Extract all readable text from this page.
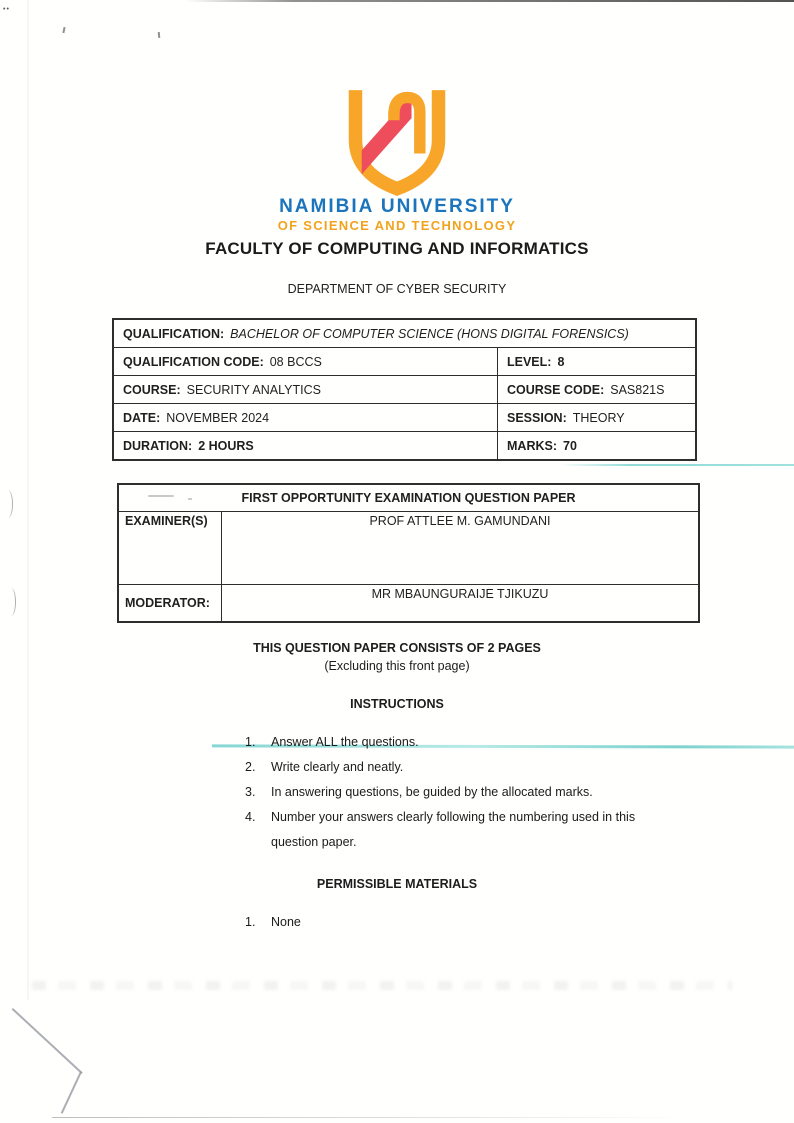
••
NAMIBIA UNIVERSITY
OF SCIENCE AND TECHNOLOGY
FACULTY OF COMPUTING AND INFORMATICS
DEPARTMENT OF CYBER SECURITY
QUALIFICATION: BACHELOR OF COMPUTER SCIENCE (HONS DIGITAL FORENSICS)	
QUALIFICATION CODE: 08 BCCS	LEVEL: 8
COURSE: SECURITY ANALYTICS	COURSE CODE: SAS821S
DATE: NOVEMBER 2024	SESSION: THEORY
DURATION: 2 HOURS	MARKS: 70
FIRST OPPORTUNITY EXAMINATION QUESTION PAPER	
EXAMINER(S)	PROF ATTLEE M. GAMUNDANI
MODERATOR:	MR MBAUNGURAIJE TJIKUZU
THIS QUESTION PAPER CONSISTS OF 2 PAGES
(Excluding this front page)
INSTRUCTIONS
1.	Answer ALL the questions.
2.	Write clearly and neatly.
3.	In answering questions, be guided by the allocated marks.
4.	Number your answers clearly following the numbering used in this question paper.
PERMISSIBLE MATERIALS
1.	None
